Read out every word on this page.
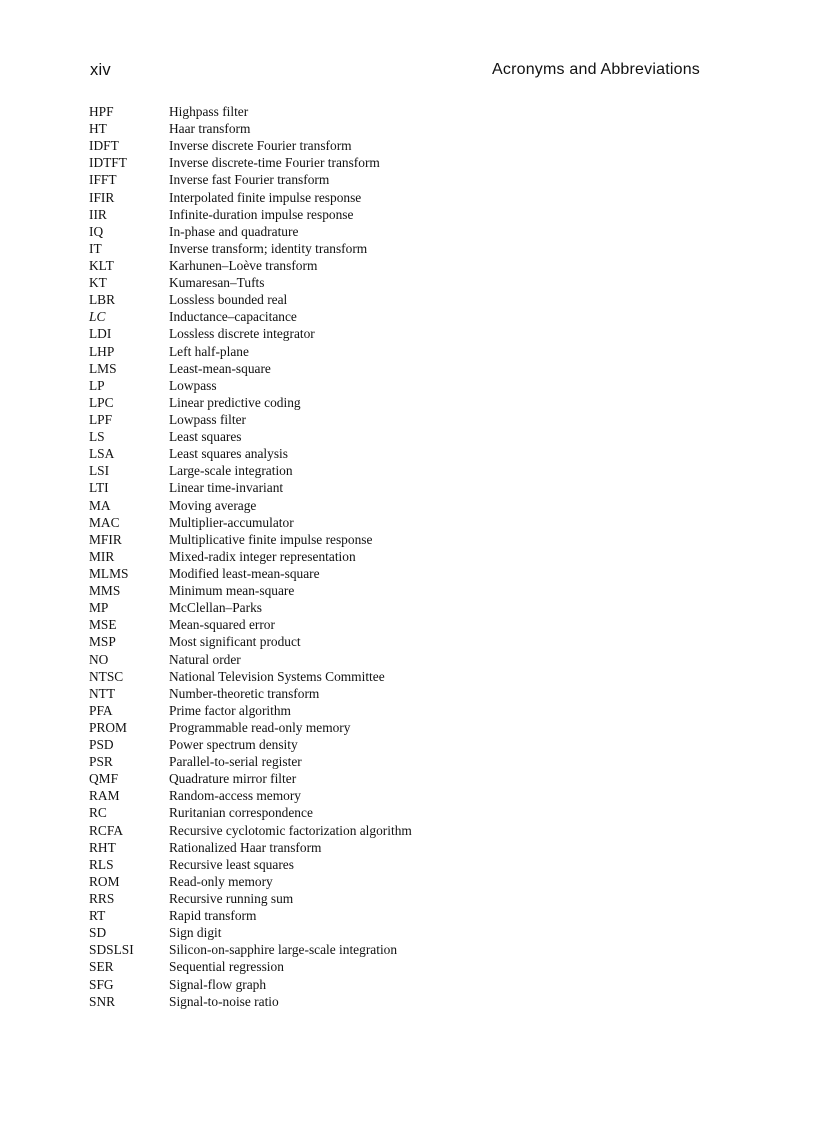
xiv	Acronyms and Abbreviations
HPF	Highpass filter
HT	Haar transform
IDFT	Inverse discrete Fourier transform
IDTFT	Inverse discrete-time Fourier transform
IFFT	Inverse fast Fourier transform
IFIR	Interpolated finite impulse response
IIR	Infinite-duration impulse response
IQ	In-phase and quadrature
IT	Inverse transform; identity transform
KLT	Karhunen–Loève transform
KT	Kumaresan–Tufts
LBR	Lossless bounded real
LC	Inductance–capacitance
LDI	Lossless discrete integrator
LHP	Left half-plane
LMS	Least-mean-square
LP	Lowpass
LPC	Linear predictive coding
LPF	Lowpass filter
LS	Least squares
LSA	Least squares analysis
LSI	Large-scale integration
LTI	Linear time-invariant
MA	Moving average
MAC	Multiplier-accumulator
MFIR	Multiplicative finite impulse response
MIR	Mixed-radix integer representation
MLMS	Modified least-mean-square
MMS	Minimum mean-square
MP	McClellan–Parks
MSE	Mean-squared error
MSP	Most significant product
NO	Natural order
NTSC	National Television Systems Committee
NTT	Number-theoretic transform
PFA	Prime factor algorithm
PROM	Programmable read-only memory
PSD	Power spectrum density
PSR	Parallel-to-serial register
QMF	Quadrature mirror filter
RAM	Random-access memory
RC	Ruritanian correspondence
RCFA	Recursive cyclotomic factorization algorithm
RHT	Rationalized Haar transform
RLS	Recursive least squares
ROM	Read-only memory
RRS	Recursive running sum
RT	Rapid transform
SD	Sign digit
SDSLSI	Silicon-on-sapphire large-scale integration
SER	Sequential regression
SFG	Signal-flow graph
SNR	Signal-to-noise ratio
